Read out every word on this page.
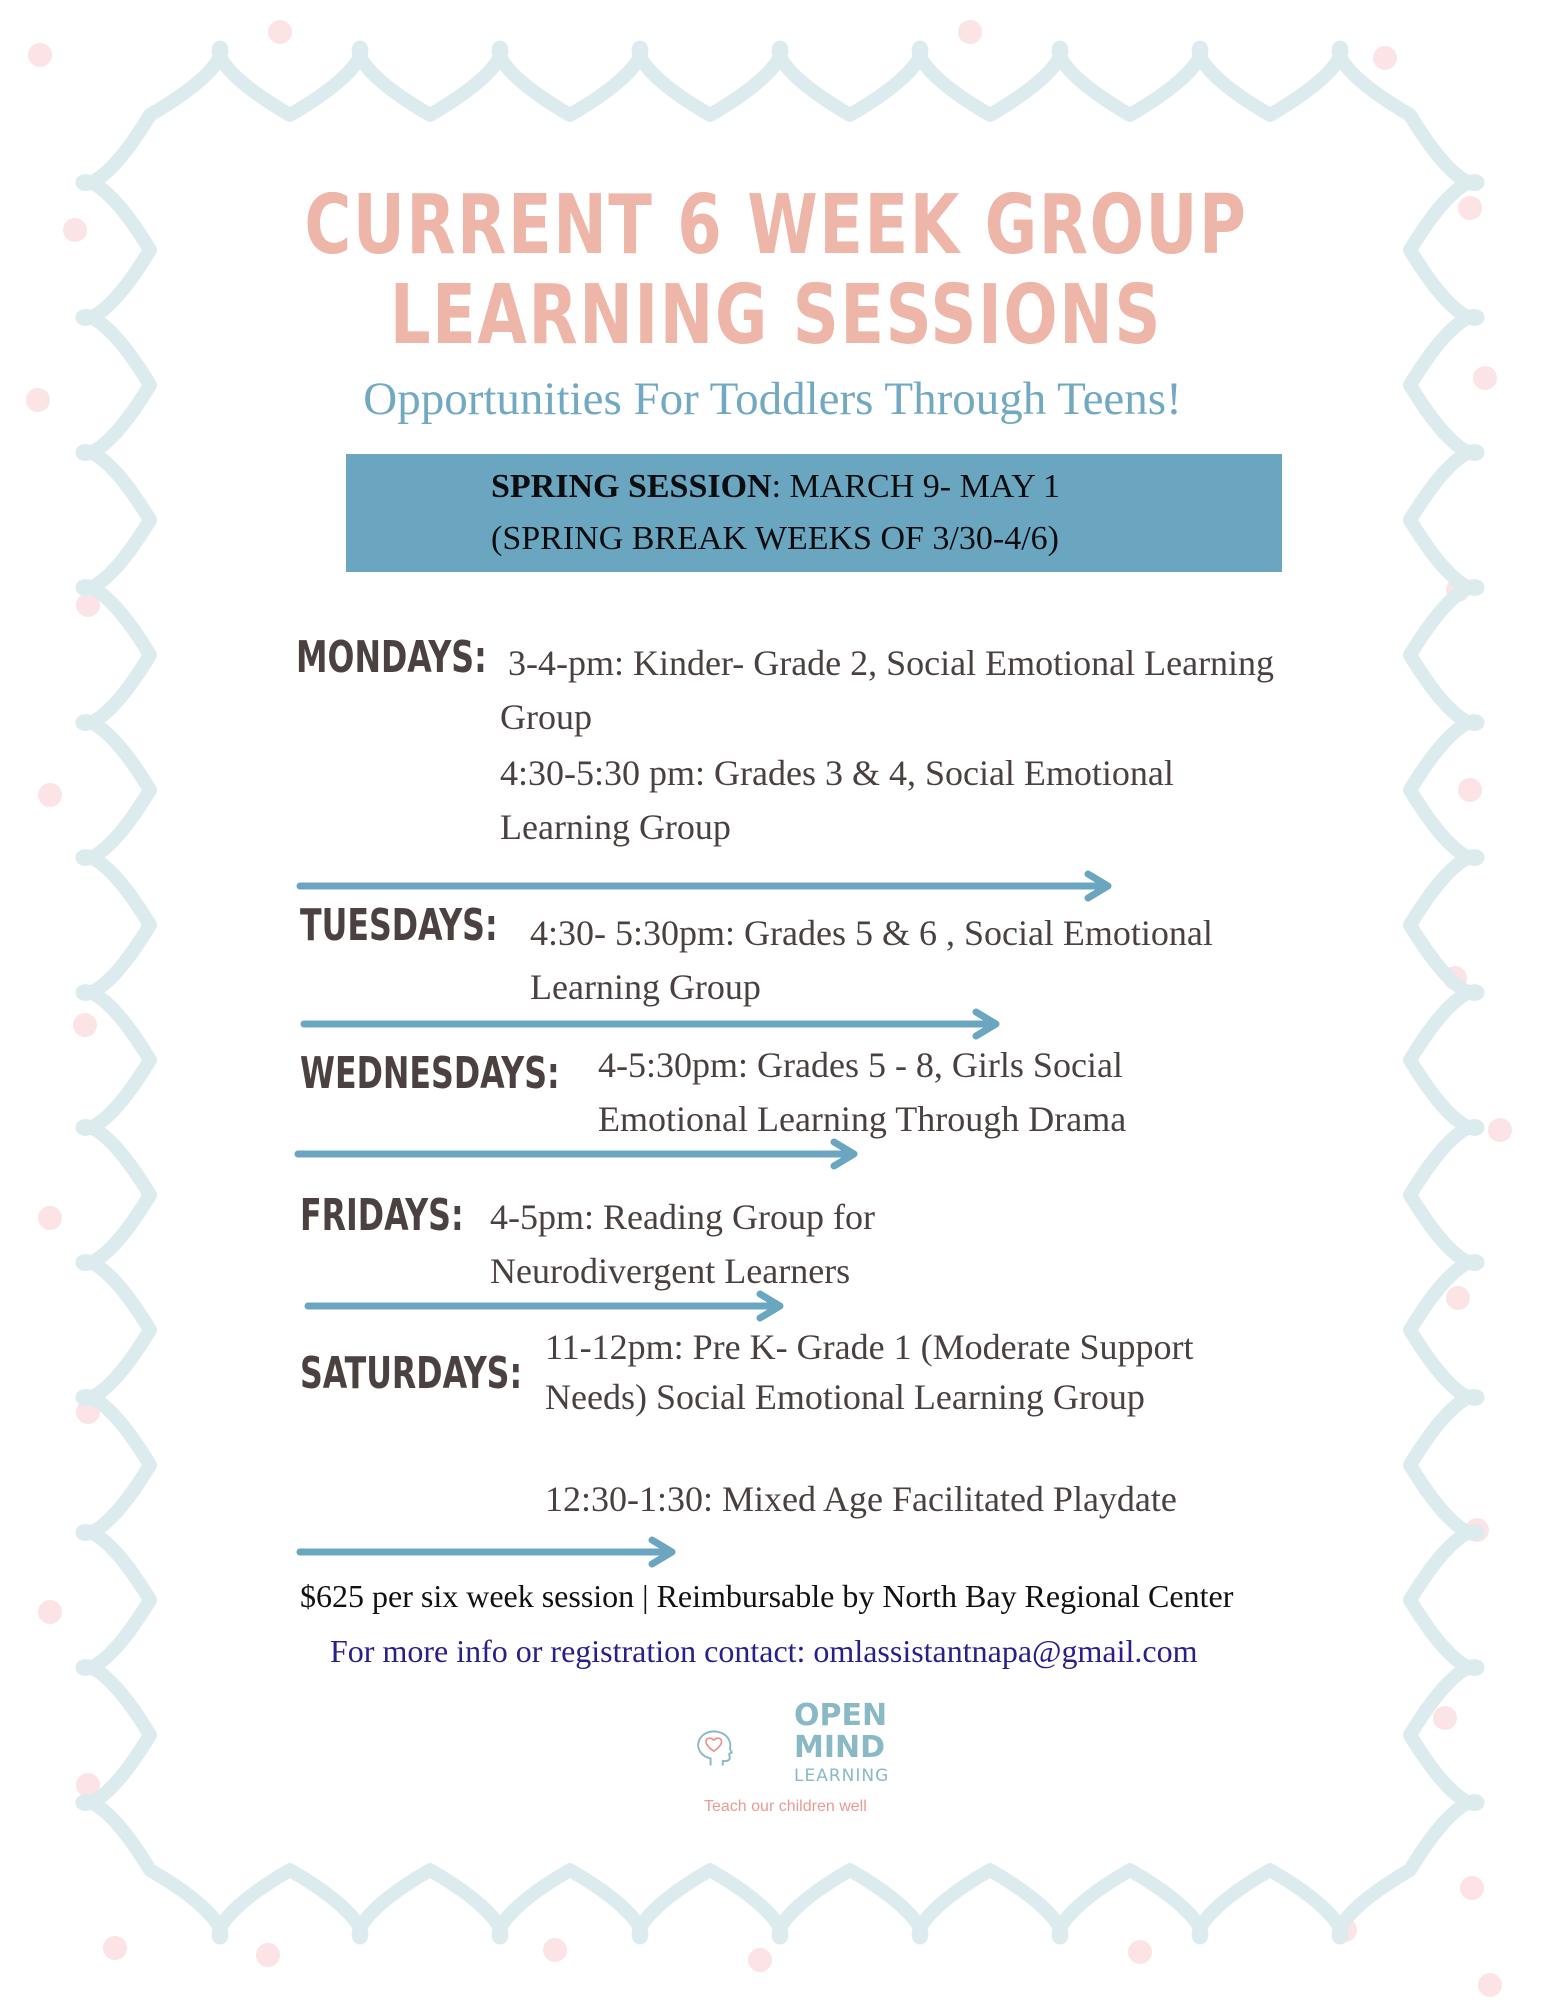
CURRENT 6 WEEK GROUP
LEARNING SESSIONS
Opportunities For Toddlers Through Teens!
SPRING SESSION: MARCH 9- MAY 1
(SPRING BREAK WEEKS OF 3/30-4/6)
MONDAYS: 3-4-pm: Kinder- Grade 2, Social Emotional Learning Group
4:30-5:30 pm: Grades 3 & 4, Social Emotional Learning Group
TUESDAYS: 4:30- 5:30pm: Grades 5 & 6 , Social Emotional Learning Group
WEDNESDAYS: 4-5:30pm: Grades 5 - 8, Girls Social Emotional Learning Through Drama
FRIDAYS: 4-5pm: Reading Group for Neurodivergent Learners
SATURDAYS:
11-12pm: Pre K- Grade 1 (Moderate Support Needs) Social Emotional Learning Group
12:30-1:30: Mixed Age Facilitated Playdate
$625 per six week session | Reimbursable by North Bay Regional Center
For more info or registration contact: omlassistantnapa@gmail.com
OPEN
MIND
LEARNING
Teach our children well
